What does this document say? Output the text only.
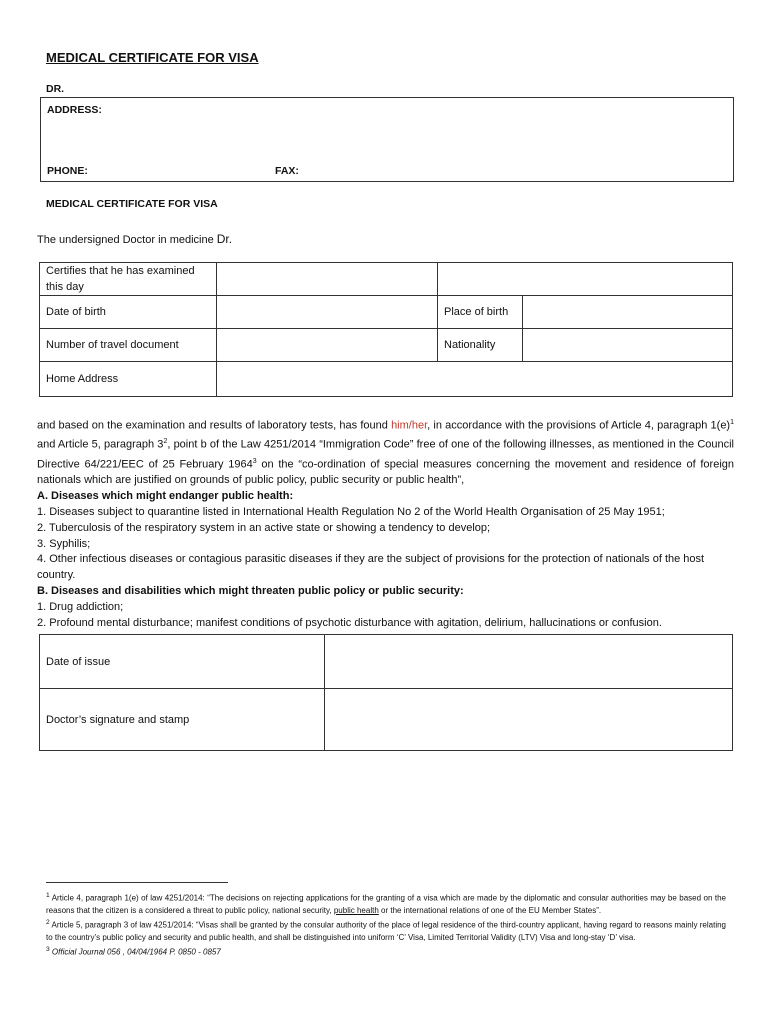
MEDICAL CERTIFICATE FOR VISA
DR.
ADDRESS:
PHONE:	FAX:
MEDICAL CERTIFICATE FOR VISA
The undersigned Doctor in medicine Dr.
Certifies that he has examined this day			
Date of birth		Place of birth	
Number of travel document		Nationality	
Home Address			

and based on the examination and results of laboratory tests, has found him/her, in accordance with the provisions of Article 4, paragraph $1(e)^1$ and Article 5, paragraph $3^2$, point b of the Law 4251/2014 “Immigration Code” free of one of the following illnesses, as mentioned in the Council Directive 64/221/EEC of 25 February 1964$^3$ on the “co-ordination of special measures concerning the movement and residence of foreign nationals which are justified on grounds of public policy, public security or public health”,

A. Diseases which might endanger public health:

1. Diseases subject to quarantine listed in International Health Regulation No 2 of the World Health Organisation of 25 May 1951;

2. Tuberculosis of the respiratory system in an active state or showing a tendency to develop;

3. Syphilis;

4. Other infectious diseases or contagious parasitic diseases if they are the subject of provisions for the protection of nationals of the host country.

B. Diseases and disabilities which might threaten public policy or public security:

1. Drug addiction;

2. Profound mental disturbance; manifest conditions of psychotic disturbance with agitation, delirium, hallucinations or confusion.

Date of issue	
Doctor’s signature and stamp	

$^1$ Article 4, paragraph 1(e) of law 4251/2014: “The decisions on rejecting applications for the granting of a visa which are made by the diplomatic and consular authorities may be based on the reasons that the citizen is a considered a threat to public policy, national security, public health or the international relations of one of the EU Member States”.

$^2$ Article 5, paragraph 3 of law 4251/2014: “Visas shall be granted by the consular authority of the place of legal residence of the third-country applicant, having regard to reasons mainly relating to the country’s public policy and security and public health, and shall be distinguished into uniform ‘C’ Visa, Limited Territorial Validity (LTV) Visa and long-stay ‘D’ visa.

$^3$ Official Journal 056 , 04/04/1964 P. 0850 - 0857
